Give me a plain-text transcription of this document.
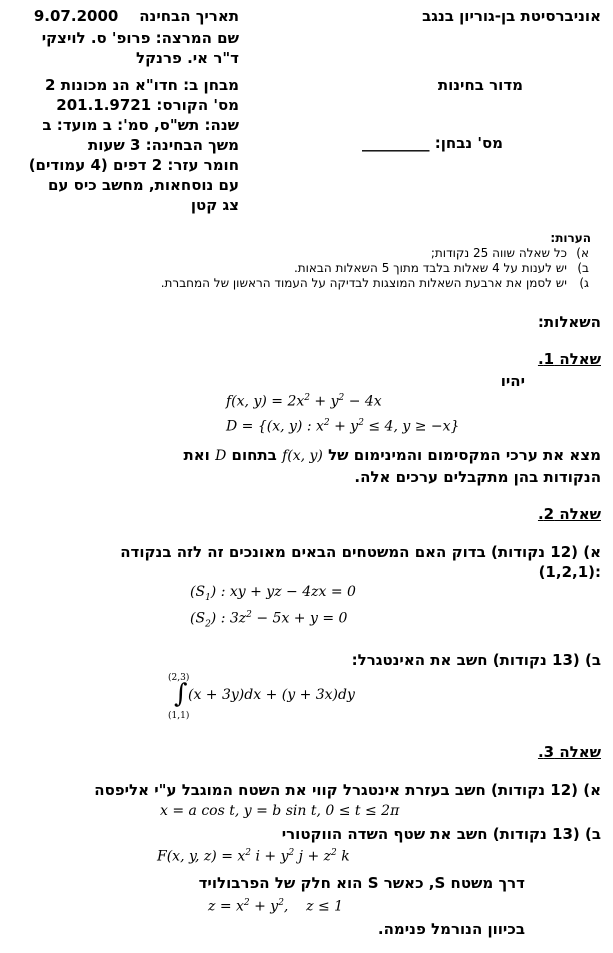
אוניברסיטת בן-גוריון בנגב
מדור בחינות
מס' נבחן: _________
תאריך הבחינה    9.07.2000
שם המרצה: פרופ' ס. לויצקי
ד"ר אי. פרנקל
מבחן ב: חדו"א הנ מכונות 2
מס' הקורס: 201.1.9721
שנה: תש"ס, סמ': ב מועד: ב
משך הבחינה: 3 שעות
חומר עזר: 2 דפים (4 עמודים)
עם נוסחאות, מחשב כיס עם
צג קטן
הערות:
א)כל שאלה שווה 25 נקודות;
ב)יש לענות על 4 שאלות בלבד מתוך 5 השאלות הבאות.
ג)יש לסמן את ארבעת השאלות המוצגות לבדיקה על העמוד הראשון של המחברת.
השאלות:
שאלה 1.
יהיו
f(x, $y) = 2x^2 + y^2 - 4x$
D = {(x, y) : $x^2 + y^2 \le 4$, y ≥ −x}
מצא את ערכי המקסימום והמינימום של f(x, y) בתחום D ואת
הנקודות בהן מתקבלים ערכים אלה.
שאלה 2.
א) (12 נקודות) בדוק האם המשטחים הבאים מאונכים זה לזה בנקודה
(1,2,1):
$(S_1)$ : xy + yz − 4zx = 0
$(S_2)$ : $3z^2 - 5x + y = 0$
ב) (13 נקודות) חשב את האינטגרל:
(2,3)
∫
(1,1)
(x + 3y)dx + (y + 3x)dy
שאלה 3.
א) (12 נקודות) חשב בעזרת אינטגרל קווי את השטח המוגבל ע"י אליפסה
x = a cos t, y = b sin t, 0 ≤ t ≤ 2π
ב) (13 נקודות) חשב את שטף השדה הווקטורי
F(x, y, $z) = x^2$ $i + y^2$ $j + z^2$ k
דרך משטח S, כאשר S הוא חלק של הפרבולויד
$z = x^2 + y^2$,    z ≤ 1
בכיוון הנורמל פנימה.
